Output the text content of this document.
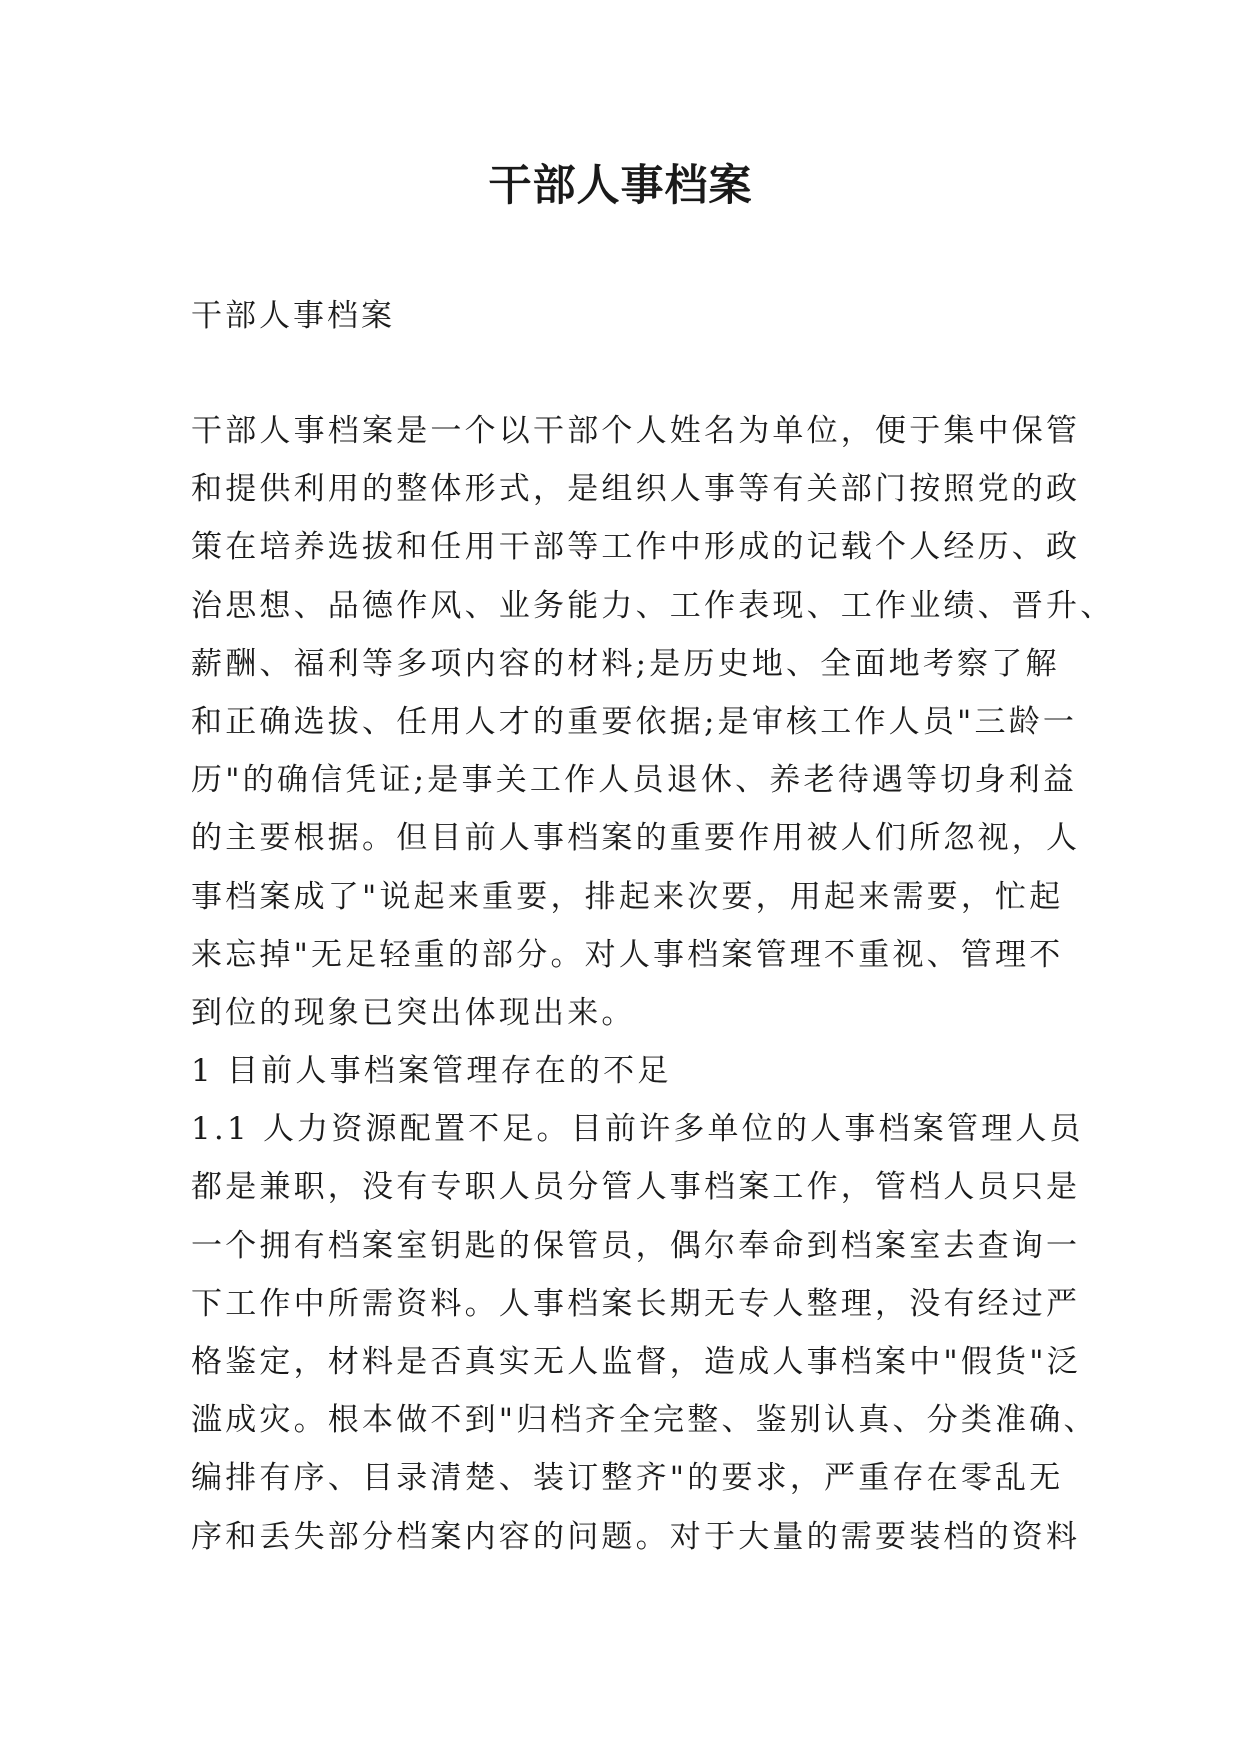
干部人事档案

干部人事档案

干部人事档案是一个以干部个人姓名为单位，便于集中保管
和提供利用的整体形式，是组织人事等有关部门按照党的政
策在培养选拔和任用干部等工作中形成的记载个人经历、政
治思想、品德作风、业务能力、工作表现、工作业绩、晋升、
薪酬、福利等多项内容的材料;是历史地、全面地考察了解
和正确选拔、任用人才的重要依据;是审核工作人员"三龄一
历"的确信凭证;是事关工作人员退休、养老待遇等切身利益
的主要根据。但目前人事档案的重要作用被人们所忽视，人
事档案成了"说起来重要，排起来次要，用起来需要，忙起
来忘掉"无足轻重的部分。对人事档案管理不重视、管理不
到位的现象已突出体现出来。
1 目前人事档案管理存在的不足
1.1 人力资源配置不足。目前许多单位的人事档案管理人员
都是兼职，没有专职人员分管人事档案工作，管档人员只是
一个拥有档案室钥匙的保管员，偶尔奉命到档案室去查询一
下工作中所需资料。人事档案长期无专人整理，没有经过严
格鉴定，材料是否真实无人监督，造成人事档案中"假货"泛
滥成灾。根本做不到"归档齐全完整、鉴别认真、分类准确、
编排有序、目录清楚、装订整齐"的要求，严重存在零乱无
序和丢失部分档案内容的问题。对于大量的需要装档的资料
